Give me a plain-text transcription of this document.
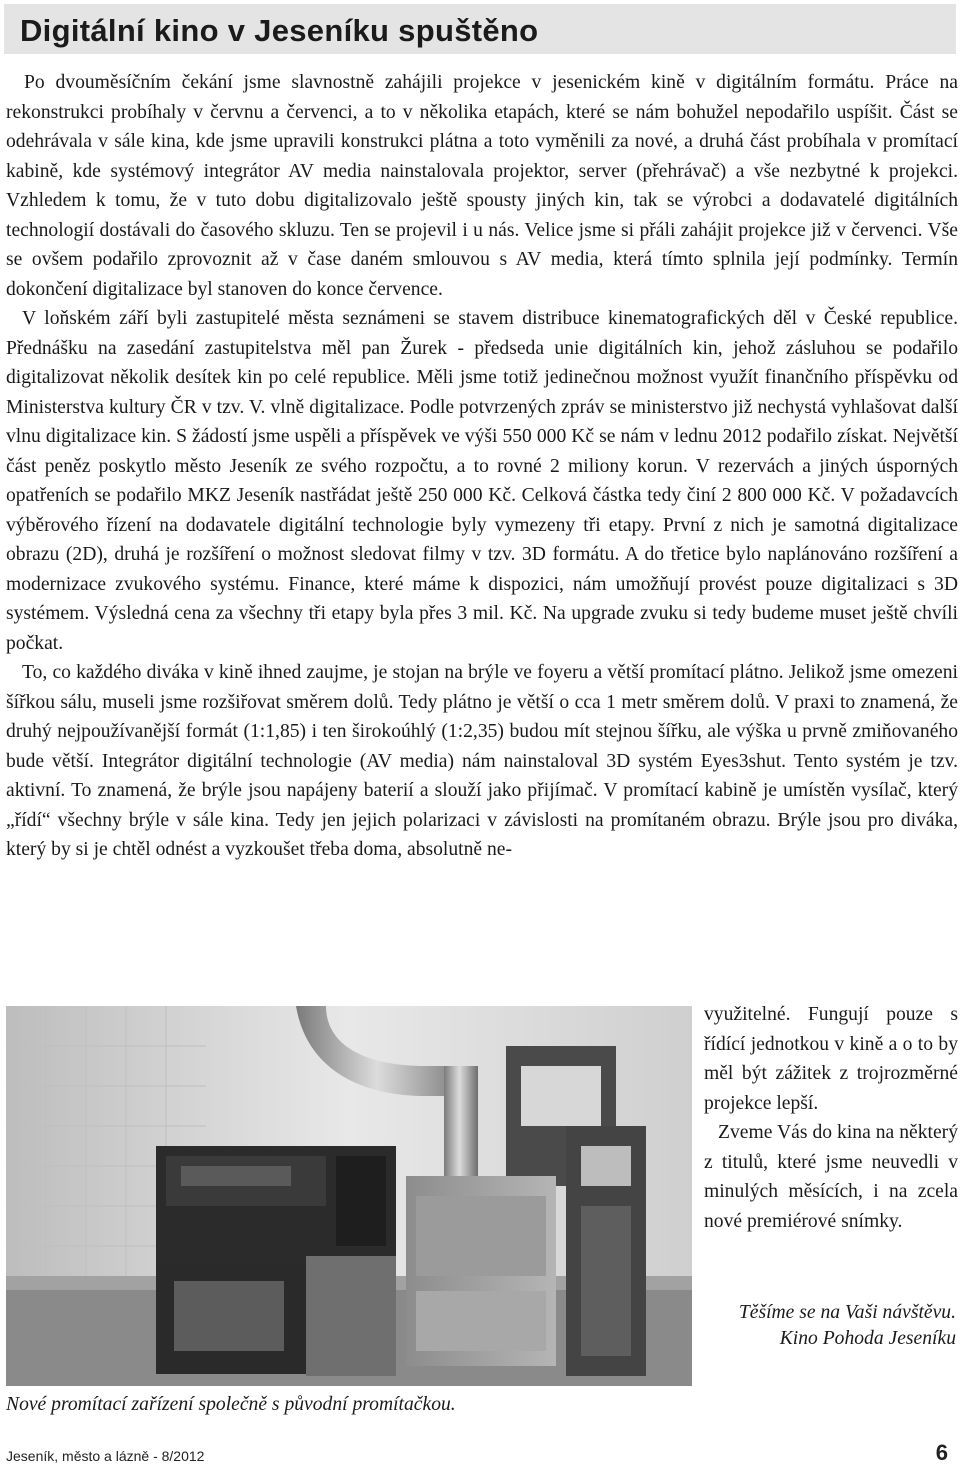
Digitální kino v Jeseníku spuštěno

Po dvouměsíčním čekání jsme slavnostně zahájili projekce v jesenickém kině v digitálním formátu. Práce na rekonstrukci probíhaly v červnu a červenci, a to v několika etapách, které se nám bohužel nepodařilo uspíšit. Část se odehrávala v sále kina, kde jsme upravili konstrukci plátna a toto vyměnili za nové, a druhá část probíhala v promítací kabině, kde systémový integrátor AV media nainstalovala projektor, server (přehrávač) a vše nezbytné k projekci. Vzhledem k tomu, že v tuto dobu digitalizovalo ještě spousty jiných kin, tak se výrobci a dodavatelé digitálních technologií dostávali do časového skluzu. Ten se projevil i u nás. Velice jsme si přáli zahájit projekce již v červenci. Vše se ovšem podařilo zprovoznit až v čase daném smlouvou s AV media, která tímto splnila její podmínky. Termín dokončení digitalizace byl stanoven do konce července.

V loňském září byli zastupitelé města seznámeni se stavem distribuce kinematografických děl v České republice. Přednášku na zasedání zastupitelstva měl pan Žurek - předseda unie digitálních kin, jehož zásluhou se podařilo digitalizovat několik desítek kin po celé republice. Měli jsme totiž jedinečnou možnost využít finančního příspěvku od Ministerstva kultury ČR v tzv. V. vlně digitalizace. Podle potvrzených zpráv se ministerstvo již nechystá vyhlašovat další vlnu digitalizace kin. S žádostí jsme uspěli a příspěvek ve výši 550 000 Kč se nám v lednu 2012 podařilo získat. Největší část peněz poskytlo město Jeseník ze svého rozpočtu, a to rovné 2 miliony korun. V rezervách a jiných úsporných opatřeních se podařilo MKZ Jeseník nastřádat ještě 250 000 Kč. Celková částka tedy činí 2 800 000 Kč. V požadavcích výběrového řízení na dodavatele digitální technologie byly vymezeny tři etapy. První z nich je samotná digitalizace obrazu (2D), druhá je rozšíření o možnost sledovat filmy v tzv. 3D formátu. A do třetice bylo naplánováno rozšíření a modernizace zvukového systému. Finance, které máme k dispozici, nám umožňují provést pouze digitalizaci s 3D systémem. Výsledná cena za všechny tři etapy byla přes 3 mil. Kč. Na upgrade zvuku si tedy budeme muset ještě chvíli počkat.

To, co každého diváka v kině ihned zaujme, je stojan na brýle ve foyeru a větší promítací plátno. Jelikož jsme omezeni šířkou sálu, museli jsme rozšiřovat směrem dolů. Tedy plátno je větší o cca 1 metr směrem dolů. V praxi to znamená, že druhý nejpoužívanější formát (1:1,85) i ten širokoúhlý (1:2,35) budou mít stejnou šířku, ale výška u prvně zmiňovaného bude větší. Integrátor digitální technologie (AV media) nám nainstaloval 3D systém Eyes3shut. Tento systém je tzv. aktivní. To znamená, že brýle jsou napájeny baterií a slouží jako přijímač. V promítací kabině je umístěn vysílač, který „řídí“ všechny brýle v sále kina. Tedy jen jejich polarizaci v závislosti na promítaném obrazu. Brýle jsou pro diváka, který by si je chtěl odnést a vyzkoušet třeba doma, absolutně ne-

využitelné. Fungují pouze s řídící jednotkou v kině a o to by měl být zážitek z trojrozměrné projekce lepší.

Zveme Vás do kina na některý z titulů, které jsme neuvedli v minulých měsících, i na zcela nové premiérové snímky.

Těšíme se na Vaši návštěvu. Kino Pohoda Jeseníku
Nové promítací zařízení společně s původní promítačkou.
Jeseník, město a lázně - 8/2012	6
